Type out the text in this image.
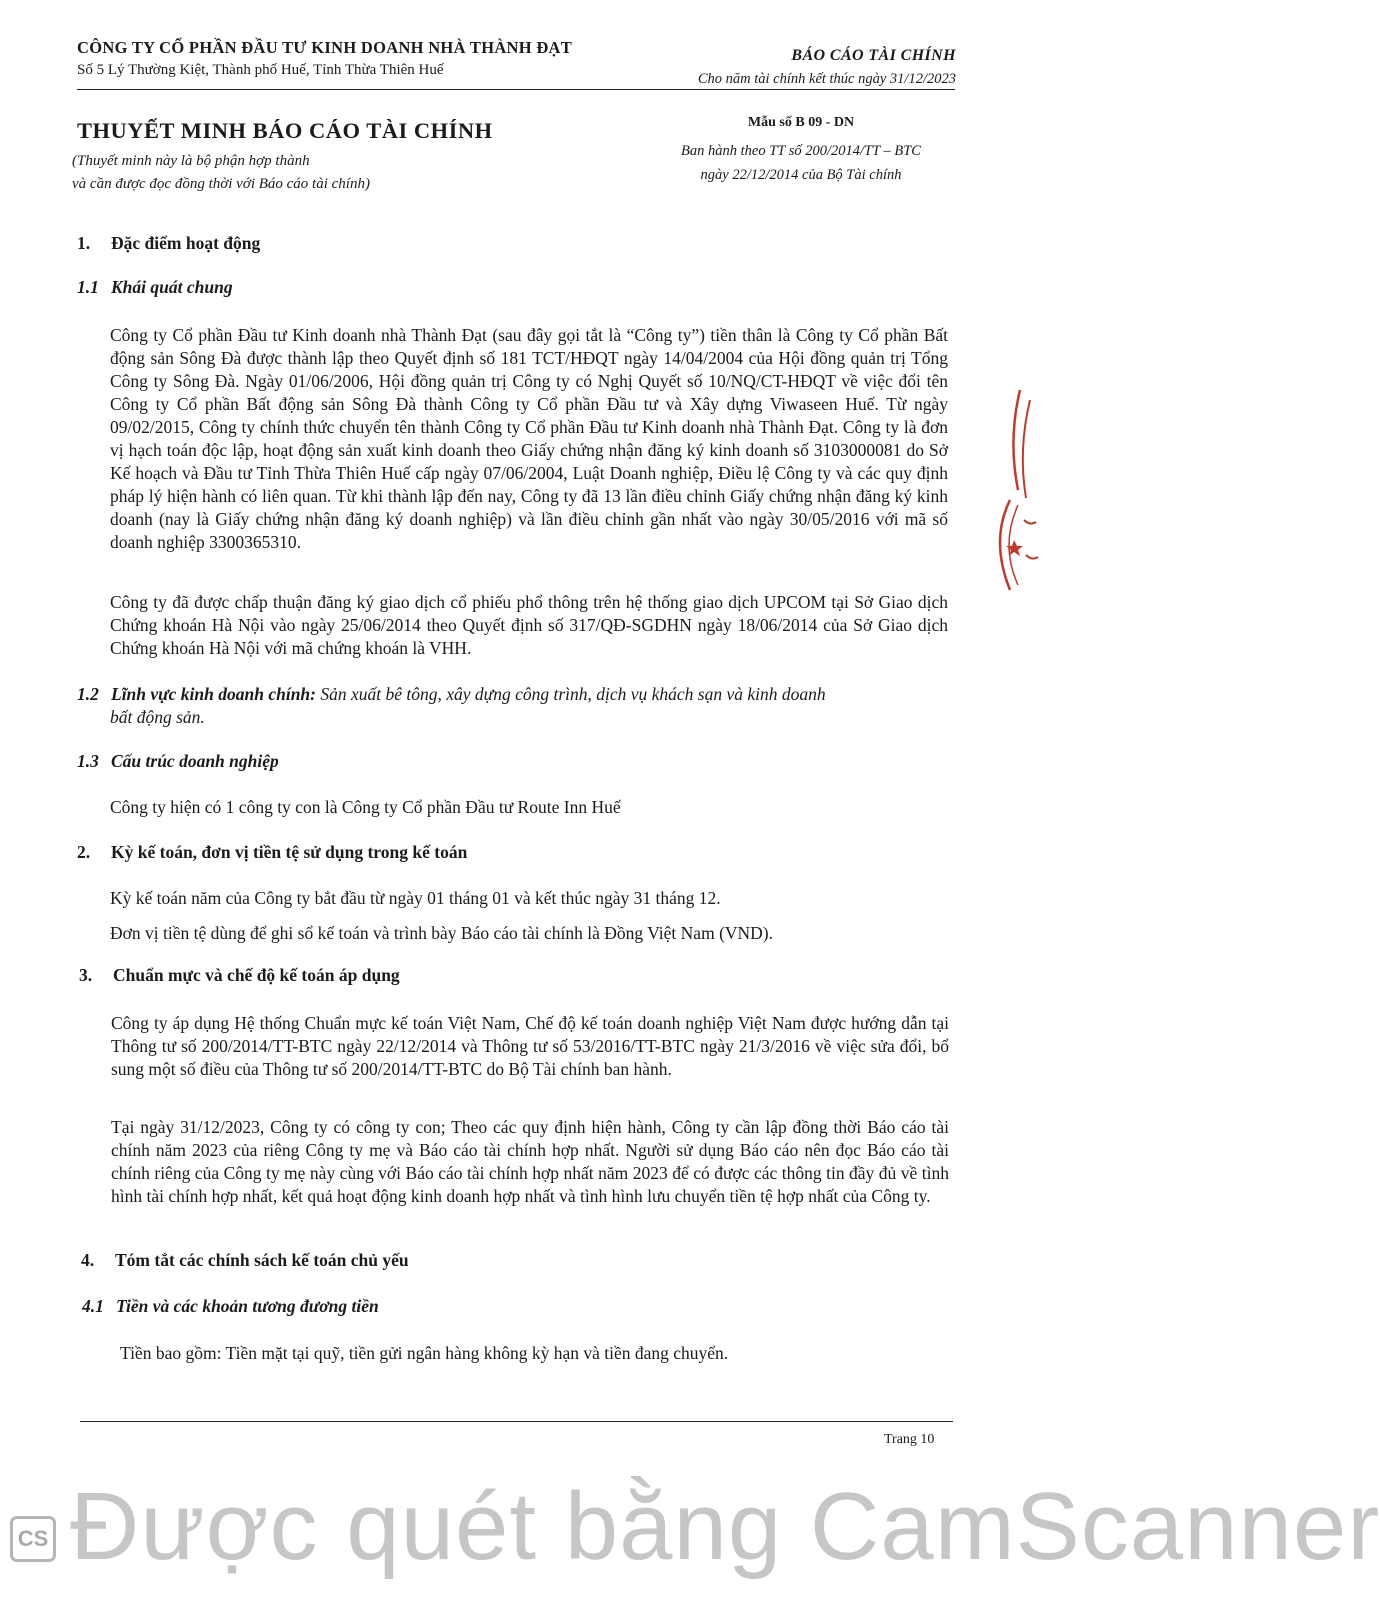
CÔNG TY CỔ PHẦN ĐẦU TƯ KINH DOANH NHÀ THÀNH ĐẠT
Số 5 Lý Thường Kiệt, Thành phố Huế, Tỉnh Thừa Thiên Huế
BÁO CÁO TÀI CHÍNH
Cho năm tài chính kết thúc ngày 31/12/2023
THUYẾT MINH BÁO CÁO TÀI CHÍNH
(Thuyết minh này là bộ phận hợp thành
và cần được đọc đồng thời với Báo cáo tài chính)
Mẫu số B 09 - DN
Ban hành theo TT số 200/2014/TT – BTC
ngày 22/12/2014 của Bộ Tài chính
1. Đặc điểm hoạt động
1.1 Khái quát chung
Công ty Cổ phần Đầu tư Kinh doanh nhà Thành Đạt (sau đây gọi tắt là “Công ty”) tiền thân là Công ty Cổ phần Bất động sản Sông Đà được thành lập theo Quyết định số 181 TCT/HĐQT ngày 14/04/2004 của Hội đồng quản trị Tổng Công ty Sông Đà. Ngày 01/06/2006, Hội đồng quản trị Công ty có Nghị Quyết số 10/NQ/CT-HĐQT về việc đổi tên Công ty Cổ phần Bất động sản Sông Đà thành Công ty Cổ phần Đầu tư và Xây dựng Viwaseen Huế. Từ ngày 09/02/2015, Công ty chính thức chuyển tên thành Công ty Cổ phần Đầu tư Kinh doanh nhà Thành Đạt. Công ty là đơn vị hạch toán độc lập, hoạt động sản xuất kinh doanh theo Giấy chứng nhận đăng ký kinh doanh số 3103000081 do Sở Kế hoạch và Đầu tư Tỉnh Thừa Thiên Huế cấp ngày 07/06/2004, Luật Doanh nghiệp, Điều lệ Công ty và các quy định pháp lý hiện hành có liên quan. Từ khi thành lập đến nay, Công ty đã 13 lần điều chỉnh Giấy chứng nhận đăng ký kinh doanh (nay là Giấy chứng nhận đăng ký doanh nghiệp) và lần điều chỉnh gần nhất vào ngày 30/05/2016 với mã số doanh nghiệp 3300365310.
Công ty đã được chấp thuận đăng ký giao dịch cổ phiếu phổ thông trên hệ thống giao dịch UPCOM tại Sở Giao dịch Chứng khoán Hà Nội vào ngày 25/06/2014 theo Quyết định số 317/QĐ-SGDHN ngày 18/06/2014 của Sở Giao dịch Chứng khoán Hà Nội với mã chứng khoán là VHH.
1.2 Lĩnh vực kinh doanh chính: Sản xuất bê tông, xây dựng công trình, dịch vụ khách sạn và kinh doanh
bất động sản.
1.3 Cấu trúc doanh nghiệp
Công ty hiện có 1 công ty con là Công ty Cổ phần Đầu tư Route Inn Huế
2. Kỳ kế toán, đơn vị tiền tệ sử dụng trong kế toán
Kỳ kế toán năm của Công ty bắt đầu từ ngày 01 tháng 01 và kết thúc ngày 31 tháng 12.
Đơn vị tiền tệ dùng để ghi sổ kế toán và trình bày Báo cáo tài chính là Đồng Việt Nam (VND).
3. Chuẩn mực và chế độ kế toán áp dụng
Công ty áp dụng Hệ thống Chuẩn mực kế toán Việt Nam, Chế độ kế toán doanh nghiệp Việt Nam được hướng dẫn tại Thông tư số 200/2014/TT-BTC ngày 22/12/2014 và Thông tư số 53/2016/TT-BTC ngày 21/3/2016 về việc sửa đổi, bổ sung một số điều của Thông tư số 200/2014/TT-BTC do Bộ Tài chính ban hành.
Tại ngày 31/12/2023, Công ty có công ty con; Theo các quy định hiện hành, Công ty cần lập đồng thời Báo cáo tài chính năm 2023 của riêng Công ty mẹ và Báo cáo tài chính hợp nhất. Người sử dụng Báo cáo nên đọc Báo cáo tài chính riêng của Công ty mẹ này cùng với Báo cáo tài chính hợp nhất năm 2023 để có được các thông tin đầy đủ về tình hình tài chính hợp nhất, kết quả hoạt động kinh doanh hợp nhất và tình hình lưu chuyển tiền tệ hợp nhất của Công ty.
4. Tóm tắt các chính sách kế toán chủ yếu
4.1 Tiền và các khoản tương đương tiền
Tiền bao gồm: Tiền mặt tại quỹ, tiền gửi ngân hàng không kỳ hạn và tiền đang chuyển.
Trang 10
CS Được quét bằng CamScanner
